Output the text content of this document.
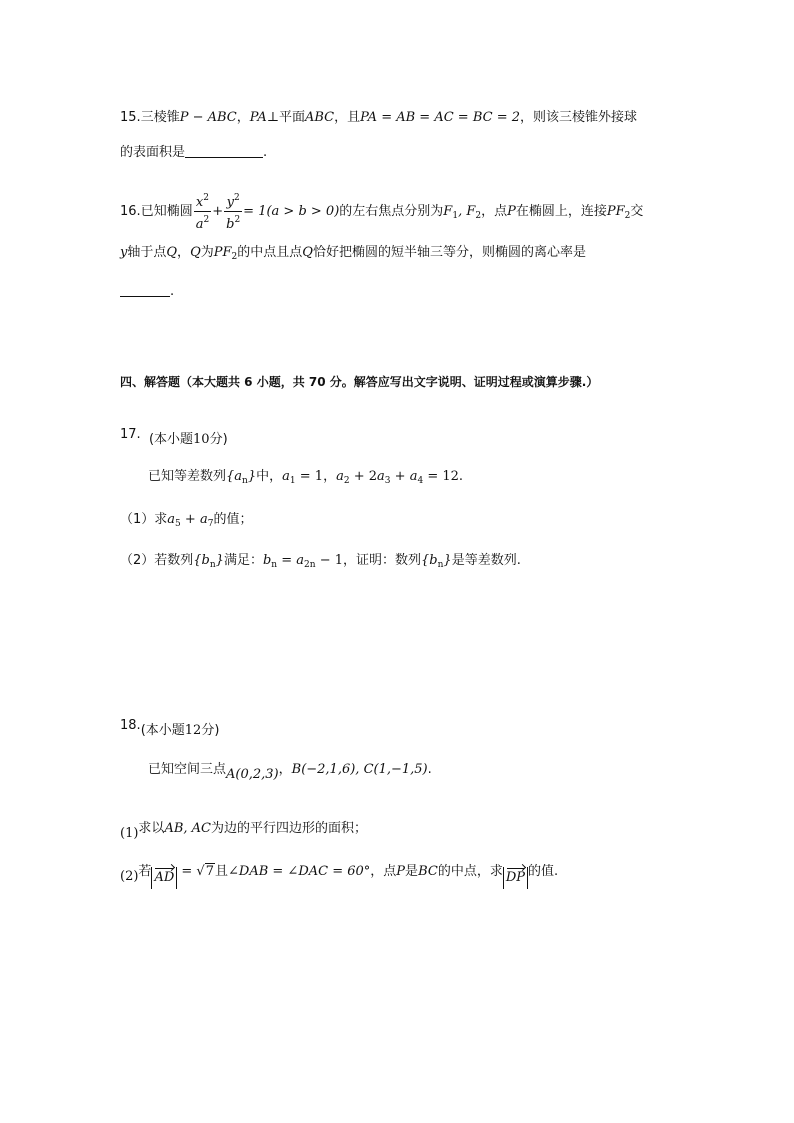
15.三棱锥P − ABC，PA⊥平面ABC，且PA = AB = AC = BC = 2，则该三棱锥外接球
的表面积是	.
16.已知椭圆 $\frac{x^2}{a^2} + \frac{y^2}{b^2} = 1(a > b > 0)$的左右焦点分别为$F_1$, $F_2$，点P在椭圆上，连接$PF_2$交
y轴于点Q，Q为$PF_2$的中点且点Q恰好把椭圆的短半轴三等分，则椭圆的离心率是
.
四、解答题（本大题共 6 小题，共 70 分。解答应写出文字说明、证明过程或演算步骤.）
17. (本小题10分)
已知等差数列$\{a_n\}$中，$a_1 = 1$，$a_2 + 2a_3 + a_4 = 12$.
（1）求$a_5 + a_7$的值；
（2）若数列$\{b_n\}$满足：$b_n = a_{2n} - 1$，证明：数列$\{b_n\}$是等差数列.
18.(本小题12分)
已知空间三点A(0,2,3)，B(−2,1,6), C(1,−1,5).
(1)求以AB, AC为边的平行四边形的面积；
(2)若 AD = √7且∠DAB = ∠DAC = 60°，点P是BC的中点，求 DP 的值.
